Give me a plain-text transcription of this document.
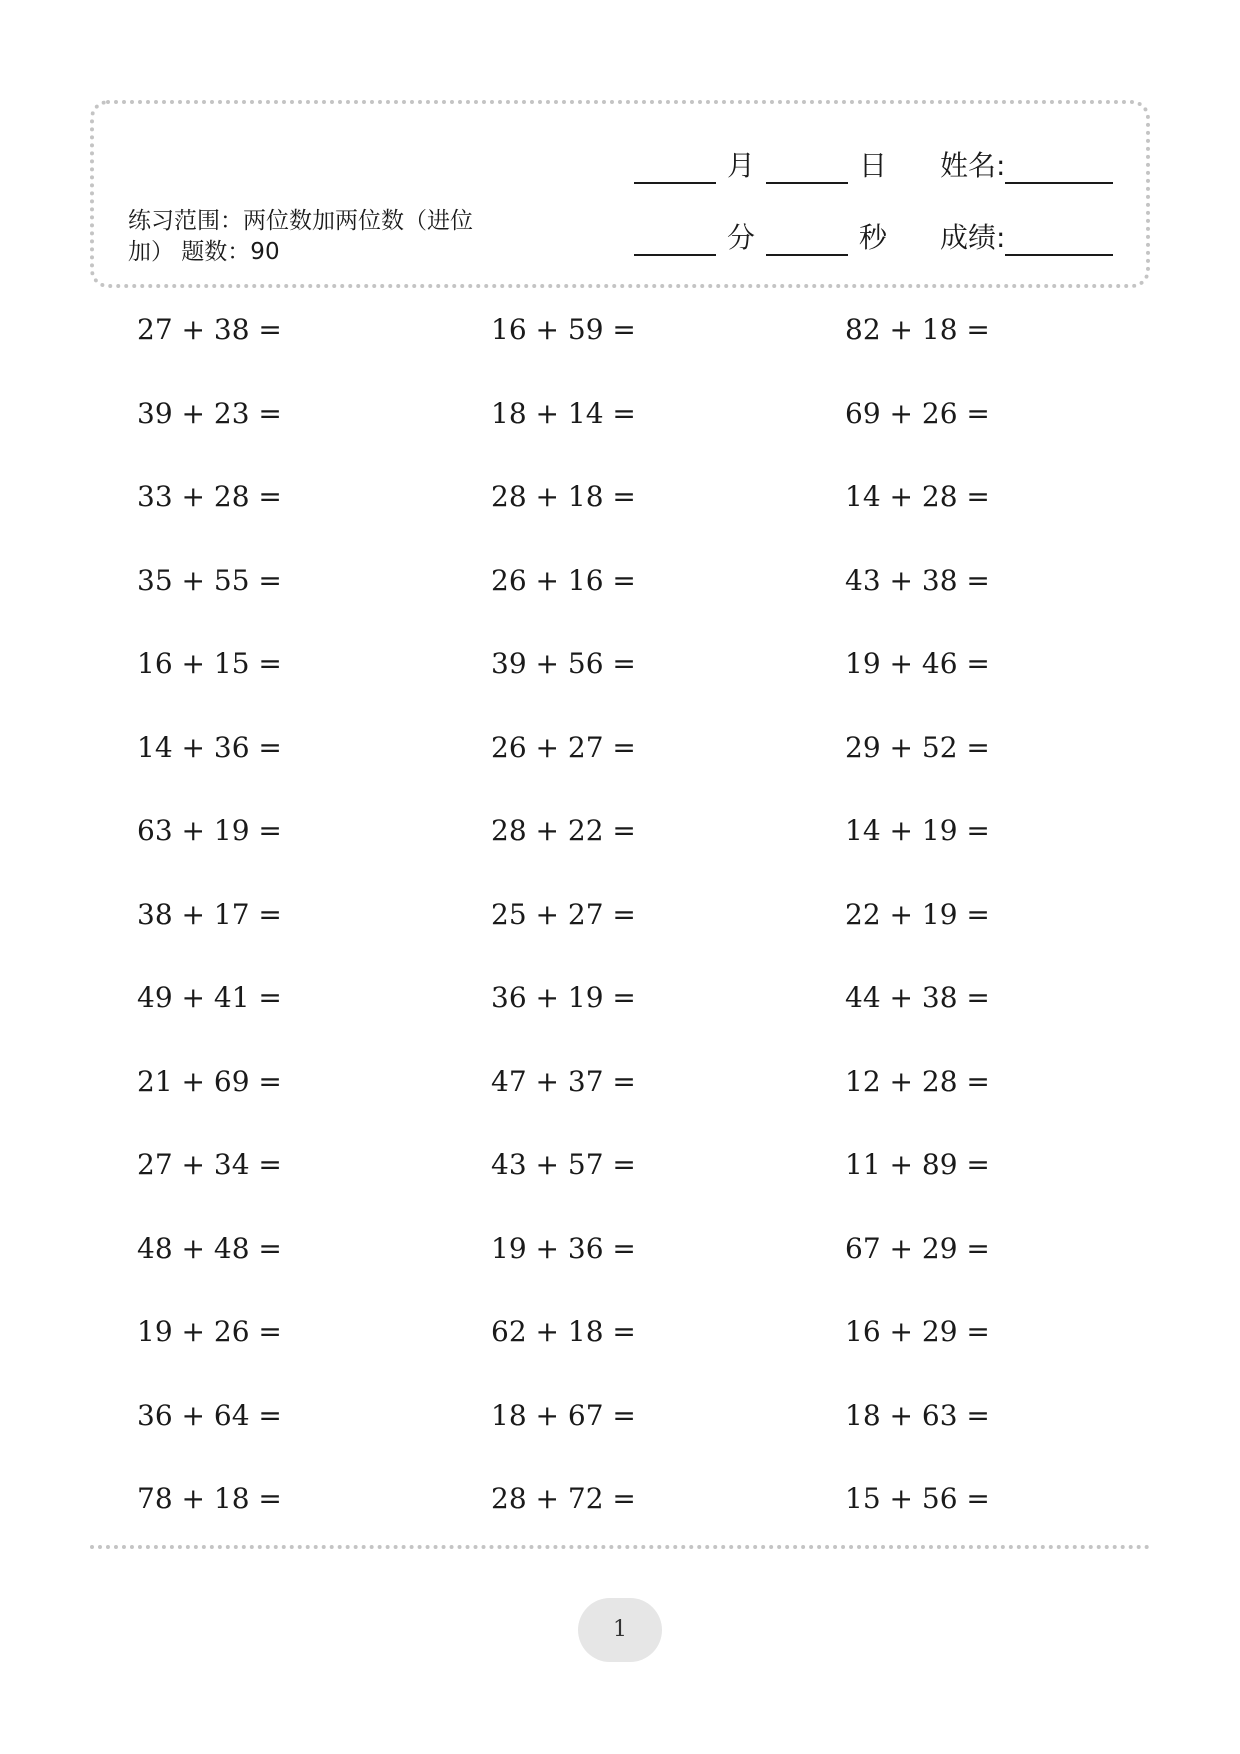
练习范围：两位数加两位数（进位加） 题数：90
月	日	姓名:
分	秒	成绩:
27 + 38 =	16 + 59 =	82 + 18 =
39 + 23 =	18 + 14 =	69 + 26 =
33 + 28 =	28 + 18 =	14 + 28 =
35 + 55 =	26 + 16 =	43 + 38 =
16 + 15 =	39 + 56 =	19 + 46 =
14 + 36 =	26 + 27 =	29 + 52 =
63 + 19 =	28 + 22 =	14 + 19 =
38 + 17 =	25 + 27 =	22 + 19 =
49 + 41 =	36 + 19 =	44 + 38 =
21 + 69 =	47 + 37 =	12 + 28 =
27 + 34 =	43 + 57 =	11 + 89 =
48 + 48 =	19 + 36 =	67 + 29 =
19 + 26 =	62 + 18 =	16 + 29 =
36 + 64 =	18 + 67 =	18 + 63 =
78 + 18 =	28 + 72 =	15 + 56 =
1
